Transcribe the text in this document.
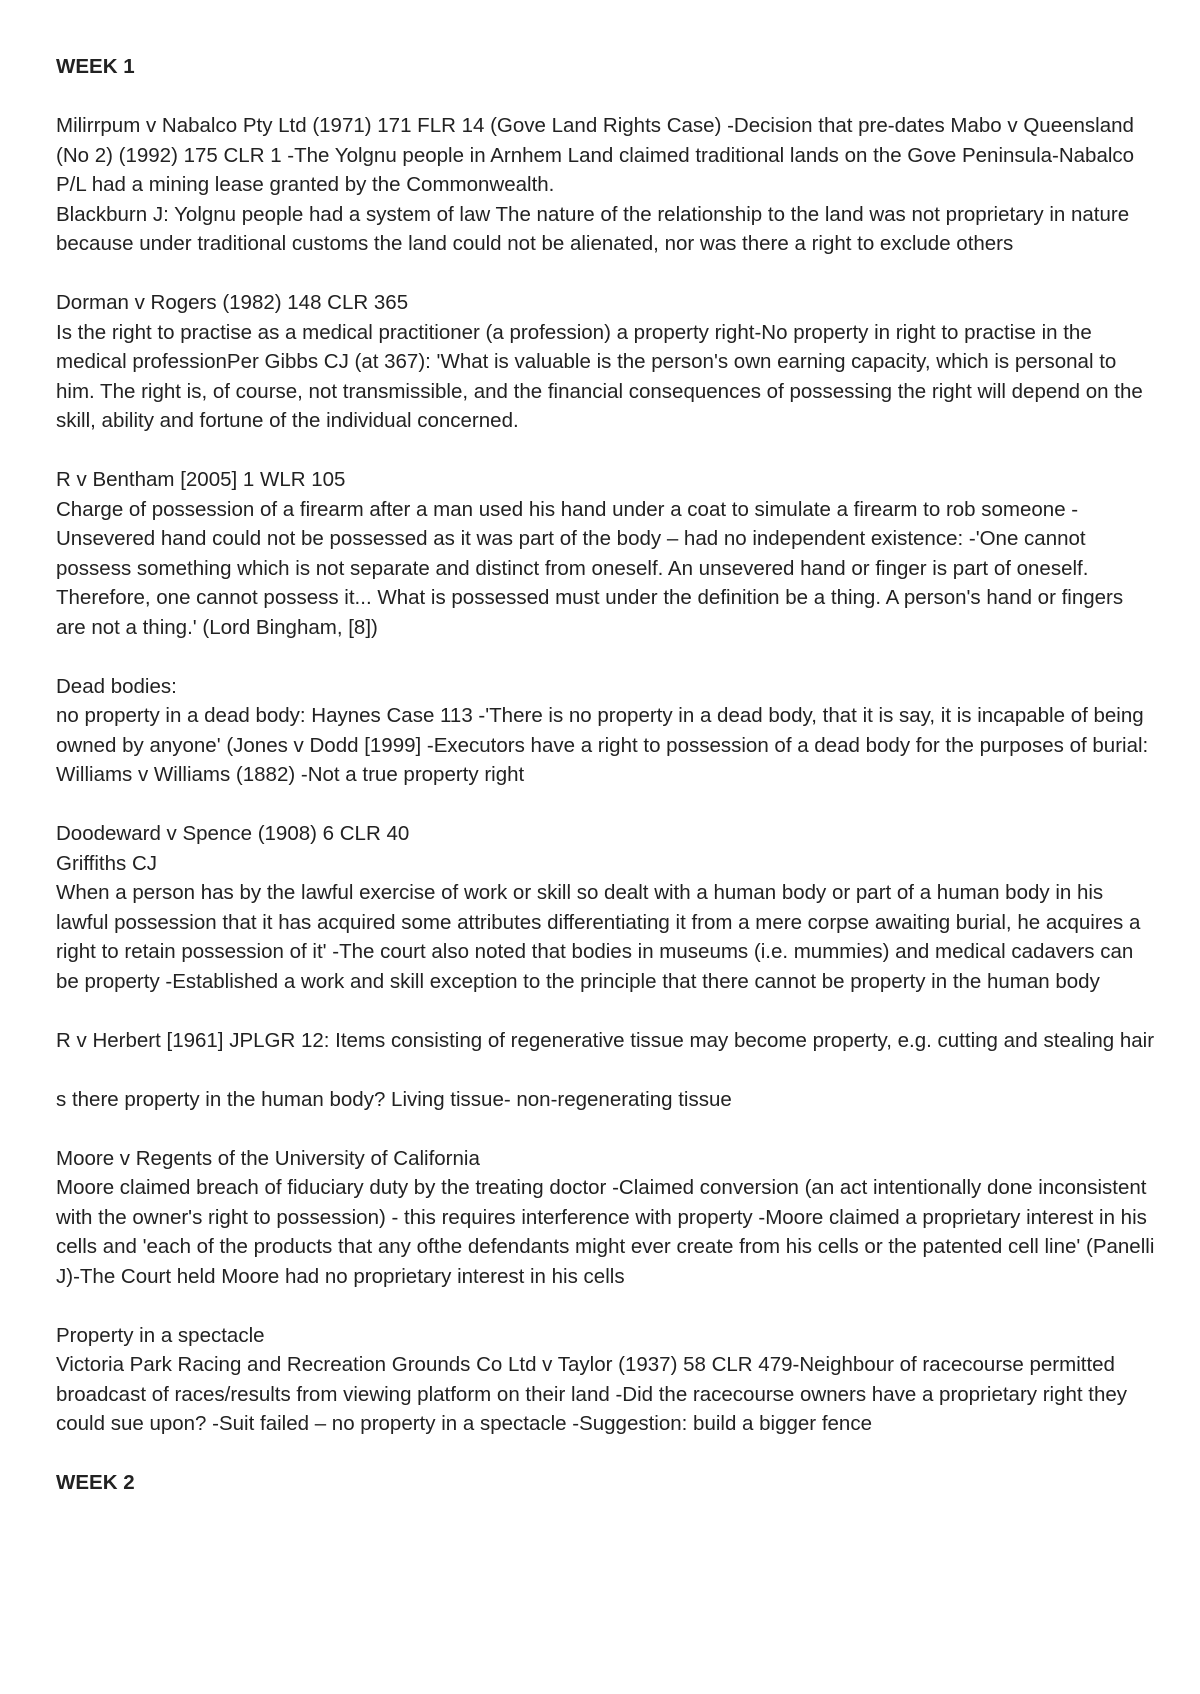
WEEK 1

Milirrpum v Nabalco Pty Ltd (1971) 171 FLR 14 (Gove Land Rights Case) -Decision that pre-dates Mabo v Queensland (No 2) (1992) 175 CLR 1 -The Yolgnu people in Arnhem Land claimed traditional lands on the Gove Peninsula-Nabalco P/L had a mining lease granted by the Commonwealth.

Blackburn J: Yolgnu people had a system of law The nature of the relationship to the land was not proprietary in nature because under traditional customs the land could not be alienated, nor was there a right to exclude others

Dorman v Rogers (1982) 148 CLR 365

Is the right to practise as a medical practitioner (a profession) a property right-No property in right to practise in the medical professionPer Gibbs CJ (at 367): 'What is valuable is the person's own earning capacity, which is personal to him. The right is, of course, not transmissible, and the financial consequences of possessing the right will depend on the skill, ability and fortune of the individual concerned.

R v Bentham [2005] 1 WLR 105

Charge of possession of a firearm after a man used his hand under a coat to simulate a firearm to rob someone -Unsevered hand could not be possessed as it was part of the body – had no independent existence: -'One cannot possess something which is not separate and distinct from oneself. An unsevered hand or finger is part of oneself. Therefore, one cannot possess it... What is possessed must under the definition be a thing. A person's hand or fingers are not a thing.' (Lord Bingham, [8])

Dead bodies:

no property in a dead body: Haynes Case 113 -'There is no property in a dead body, that it is say, it is incapable of being owned by anyone' (Jones v Dodd [1999] -Executors have a right to possession of a dead body for the purposes of burial: Williams v Williams (1882) -Not a true property right

Doodeward v Spence (1908) 6 CLR 40

Griffiths CJ

When a person has by the lawful exercise of work or skill so dealt with a human body or part of a human body in his lawful possession that it has acquired some attributes differentiating it from a mere corpse awaiting burial, he acquires a right to retain possession of it' -The court also noted that bodies in museums (i.e. mummies) and medical cadavers can be property -Established a work and skill exception to the principle that there cannot be property in the human body

R v Herbert [1961] JPLGR 12: Items consisting of regenerative tissue may become property, e.g. cutting and stealing hair

s there property in the human body? Living tissue- non-regenerating tissue

Moore v Regents of the University of California

Moore claimed breach of fiduciary duty by the treating doctor -Claimed conversion (an act intentionally done inconsistent with the owner's right to possession) - this requires interference with property -Moore claimed a proprietary interest in his cells and 'each of the products that any ofthe defendants might ever create from his cells or the patented cell line' (Panelli J)-The Court held Moore had no proprietary interest in his cells

Property in a spectacle

Victoria Park Racing and Recreation Grounds Co Ltd v Taylor (1937) 58 CLR 479-Neighbour of racecourse permitted broadcast of races/results from viewing platform on their land -Did the racecourse owners have a proprietary right they could sue upon? -Suit failed – no property in a spectacle -Suggestion: build a bigger fence

WEEK 2
